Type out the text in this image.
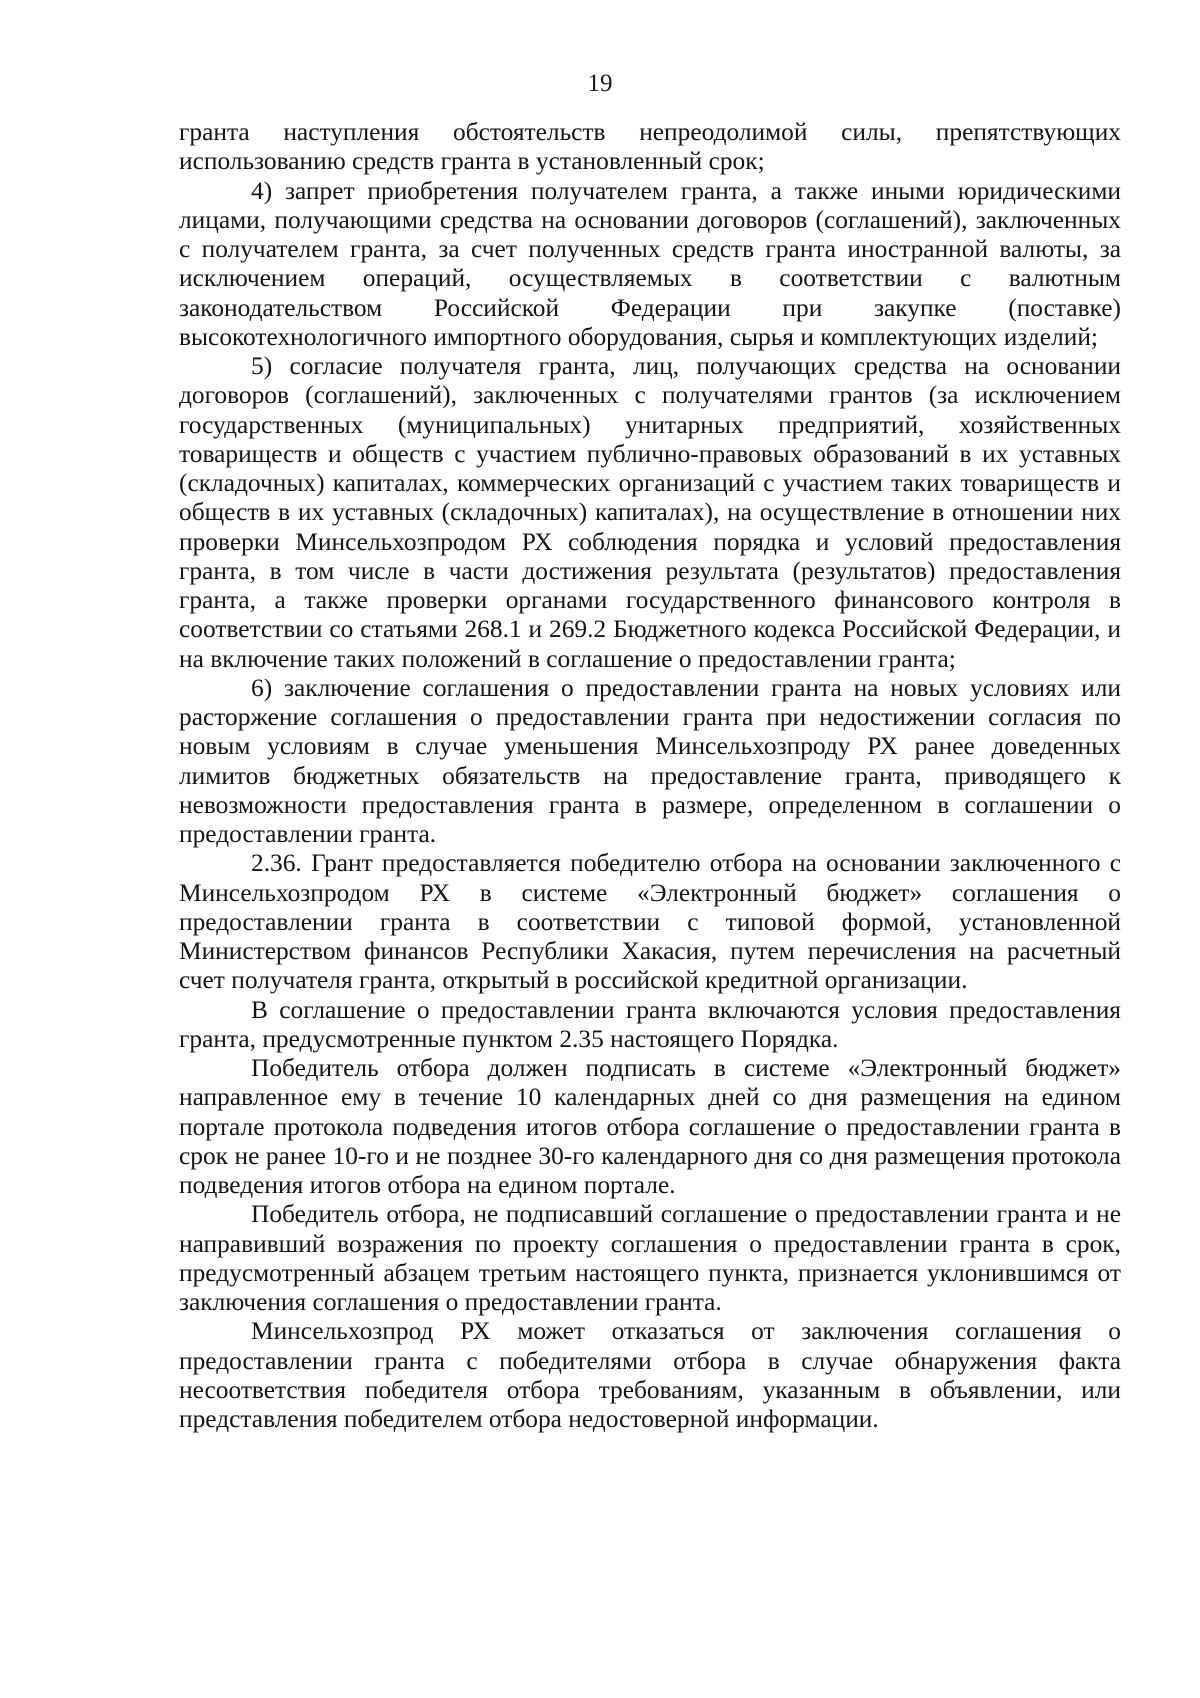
19

гранта наступления обстоятельств непреодолимой силы, препятствующих использованию средств гранта в установленный срок;

4) запрет приобретения получателем гранта, а также иными юридическими лицами, получающими средства на основании договоров (соглашений), заключенных с получателем гранта, за счет полученных средств гранта иностранной валюты, за исключением операций, осуществляемых в соответствии с валютным законодательством Российской Федерации при закупке (поставке) высокотехнологичного импортного оборудования, сырья и комплектующих изделий;

5) согласие получателя гранта, лиц, получающих средства на основании договоров (соглашений), заключенных с получателями грантов (за исключением государственных (муниципальных) унитарных предприятий, хозяйственных товариществ и обществ с участием публично-правовых образований в их уставных (складочных) капиталах, коммерческих организаций с участием таких товариществ и обществ в их уставных (складочных) капиталах), на осуществление в отношении них проверки Минсельхозпродом РХ соблюдения порядка и условий предоставления гранта, в том числе в части достижения результата (результатов) предоставления гранта, а также проверки органами государственного финансового контроля в соответствии со статьями 268.1 и 269.2 Бюджетного кодекса Российской Федерации, и на включение таких положений в соглашение о предоставлении гранта;

6) заключение соглашения о предоставлении гранта на новых условиях или расторжение соглашения о предоставлении гранта при недостижении согласия по новым условиям в случае уменьшения Минсельхозпроду РХ ранее доведенных лимитов бюджетных обязательств на предоставление гранта, приводящего к невозможности предоставления гранта в размере, определенном в соглашении о предоставлении гранта.

2.36. Грант предоставляется победителю отбора на основании заключенного с Минсельхозпродом РХ в системе «Электронный бюджет» соглашения о предоставлении гранта в соответствии с типовой формой, установленной Министерством финансов Республики Хакасия, путем перечисления на расчетный счет получателя гранта, открытый в российской кредитной организации.

В соглашение о предоставлении гранта включаются условия предоставления гранта, предусмотренные пунктом 2.35 настоящего Порядка.

Победитель отбора должен подписать в системе «Электронный бюджет» направленное ему в течение 10 календарных дней со дня размещения на едином портале протокола подведения итогов отбора соглашение о предоставлении гранта в срок не ранее 10-го и не позднее 30-го календарного дня со дня размещения протокола подведения итогов отбора на едином портале.

Победитель отбора, не подписавший соглашение о предоставлении гранта и не направивший возражения по проекту соглашения о предоставлении гранта в срок, предусмотренный абзацем третьим настоящего пункта, признается уклонившимся от заключения соглашения о предоставлении гранта.

Минсельхозпрод РХ может отказаться от заключения соглашения о предоставлении гранта с победителями отбора в случае обнаружения факта несоответствия победителя отбора требованиям, указанным в объявлении, или представления победителем отбора недостоверной информации.
